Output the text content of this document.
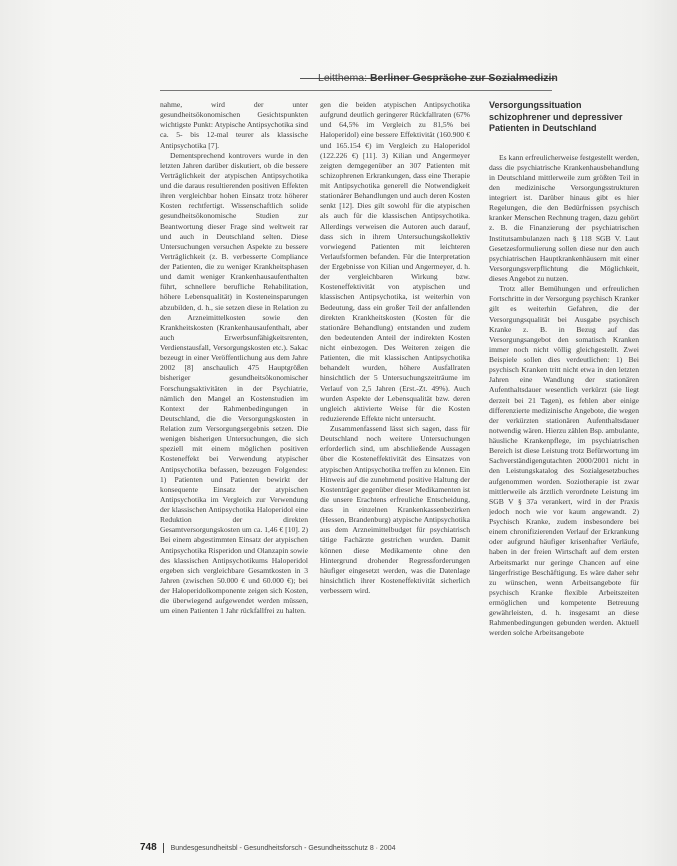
Leitthema: Berliner Gespräche zur Sozialmedizin

nahme, wird der unter gesundheitsökonomischen Gesichtspunkten wichtigste Punkt: Atypische Antipsychotika sind ca. 5- bis 12-mal teurer als klassische Antipsychotika [7].

Dementsprechend kontrovers wurde in den letzten Jahren darüber diskutiert, ob die bessere Verträglichkeit der atypischen Antipsychotika und die daraus resultierenden positiven Effekten ihren vergleichbar hohen Einsatz trotz höherer Kosten rechtfertigt. Wissenschaftlich solide gesundheitsökonomische Studien zur Beantwortung dieser Frage sind weltweit rar und auch in Deutschland selten. Diese Untersuchungen versuchen Aspekte zu bessere Verträglichkeit (z. B. verbesserte Compliance der Patienten, die zu weniger Krankheitsphasen und damit weniger Krankenhausaufenthalten führt, schnellere berufliche Rehabilitation, höhere Lebensqualität) in Kosteneinsparungen abzubilden, d. h., sie setzen diese in Relation zu den Arzneimittelkosten sowie den Krankheitskosten (Krankenhausaufenthalt, aber auch Erwerbsunfähigkeitsrenten, Verdienstausfall, Versorgungskosten etc.). Sakac bezeugt in einer Veröffentlichung aus dem Jahre 2002 [8] anschaulich 475 Hauptgrößen bisheriger gesundheitsökonomischer Forschungsaktivitäten in der Psychiatrie, nämlich den Mangel an Kostenstudien im Kontext der Rahmenbedingungen in Deutschland, die die Versorgungskosten in Relation zum Versorgungsergebnis setzen. Die wenigen bisherigen Untersuchungen, die sich speziell mit einem möglichen positiven Kosteneffekt bei Verwendung atypischer Antipsychotika befassen, bezeugen Folgendes: 1) Patienten und Patienten bewirkt der konsequente Einsatz der atypischen Antipsychotika im Vergleich zur Verwendung der klassischen Antipsychotika Haloperidol eine Reduktion der direkten Gesamtversorgungskosten um ca. 1,46 € [10]. 2) Bei einem abgestimmten Einsatz der atypischen Antipsychotika Risperidon und Olanzapin sowie des klassischen Antipsychotikums Haloperidol ergeben sich vergleichbare Gesamtkosten in 3 Jahren (zwischen 50.000 € und 60.000 €); bei der Haloperidolkomponente zeigen sich Kosten, die überwiegend aufgewendet werden müssen, um einen Patienten 1 Jahr rückfallfrei zu halten.

gen die beiden atypischen Antipsychotika aufgrund deutlich geringerer Rückfallraten (67% und 64,5% im Vergleich zu 81,5% bei Haloperidol) eine bessere Effektivität (160.900 € und 165.154 €) im Vergleich zu Haloperidol (122.226 €) [11]. 3) Kilian und Angermeyer zeigten demgegenüber an 307 Patienten mit schizophrenen Erkrankungen, dass eine Therapie mit Antipsychotika generell die Notwendigkeit stationärer Behandlungen und auch deren Kosten senkt [12]. Dies gilt sowohl für die atypischen als auch für die klassischen Antipsychotika. Allerdings verweisen die Autoren auch darauf, dass sich in ihrem Untersuchungskollektiv vorwiegend Patienten mit leichteren Verlaufsformen befanden. Für die Interpretation der Ergebnisse von Kilian und Angermeyer, d. h. der vergleichbaren Wirkung bzw. Kosteneffektivität von atypischen und klassischen Antipsychotika, ist weiterhin von Bedeutung, dass ein großer Teil der anfallenden direkten Krankheitskosten (Kosten für die stationäre Behandlung) entstanden und zudem den bedeutenden Anteil der indirekten Kosten nicht einbezogen. Des Weiteren zeigen die Patienten, die mit klassischen Antipsychotika behandelt wurden, höhere Ausfallraten hinsichtlich der 5 Untersuchungszeiträume im Verlauf von 2,5 Jahren (Erst.-Zt. 49%). Auch wurden Aspekte der Lebensqualität bzw. deren ungleich aktivierte Weise für die Kosten reduzierende Effekte nicht untersucht.

Zusammenfassend lässt sich sagen, dass für Deutschland noch weitere Untersuchungen erforderlich sind, um abschließende Aussagen über die Kosteneffektivität des Einsatzes von atypischen Antipsychotika treffen zu können. Ein Hinweis auf die zunehmend positive Haltung der Kostenträger gegenüber dieser Medikamenten ist die unsere Erachtens erfreuliche Entscheidung, dass in einzelnen Krankenkassenbezirken (Hessen, Brandenburg) atypische Antipsychotika aus dem Arzneimittelbudget für psychiatrisch tätige Fachärzte gestrichen wurden. Damit können diese Medikamente ohne den Hintergrund drohender Regressforderungen häufiger eingesetzt werden, was die Datenlage hinsichtlich ihrer Kosteneffektivität sicherlich verbessern wird.

Versorgungssituation schizophrener und depressiver Patienten in Deutschland

Es kann erfreulicherweise festgestellt werden, dass die psychiatrische Krankenhausbehandlung in Deutschland mittlerweile zum größten Teil in den medizinische Versorgungsstrukturen integriert ist. Darüber hinaus gibt es hier Regelungen, die den Bedürfnissen psychisch kranker Menschen Rechnung tragen, dazu gehört z. B. die Finanzierung der psychiatrischen Institutsambulanzen nach § 118 SGB V. Laut Gesetzesformulierung sollen diese nur den auch psychiatrischen Hauptkrankenhäusern mit einer Versorgungsverpflichtung die Möglichkeit, dieses Angebot zu nutzen.

Trotz aller Bemühungen und erfreulichen Fortschritte in der Versorgung psychisch Kranker gilt es weiterhin Gefahren, die der Versorgungsqualität bei Ausgabe psychisch Kranke z. B. in Bezug auf das Versorgungsangebot den somatisch Kranken immer noch nicht völlig gleichgestellt. Zwei Beispiele sollen dies verdeutlichen: 1) Bei psychisch Kranken tritt nicht etwa in den letzten Jahren eine Wandlung der stationären Aufenthaltsdauer wesentlich verkürzt (sie liegt derzeit bei 21 Tagen), es fehlen aber einige differenzierte medizinische Angebote, die wegen der verkürzten stationären Aufenthaltsdauer notwendig wären. Hierzu zählen Bsp. ambulante, häusliche Krankenpflege, im psychiatrischen Bereich ist diese Leistung trotz Befürwortung im Sachverständigengutachten 2000/2001 nicht in den Leistungskatalog des Sozialgesetzbuches aufgenommen worden. Soziotherapie ist zwar mittlerweile als ärztlich verordnete Leistung im SGB V § 37a verankert, wird in der Praxis jedoch noch wie vor kaum angewandt. 2) Psychisch Kranke, zudem insbesondere bei einem chronifizierenden Verlauf der Erkrankung oder aufgrund häufiger krisenhafter Verläufe, haben in der freien Wirtschaft auf dem ersten Arbeitsmarkt nur geringe Chancen auf eine längerfristige Beschäftigung. Es wäre daher sehr zu wünschen, wenn Arbeitsangebote für psychisch Kranke flexible Arbeitszeiten ermöglichen und kompetente Betreuung gewährleisten, d. h. insgesamt an diese Rahmenbedingungen gebunden werden. Aktuell werden solche Arbeitsangebote

748 Bundesgesundheitsbl - Gesundheitsforsch - Gesundheitsschutz 8 · 2004
